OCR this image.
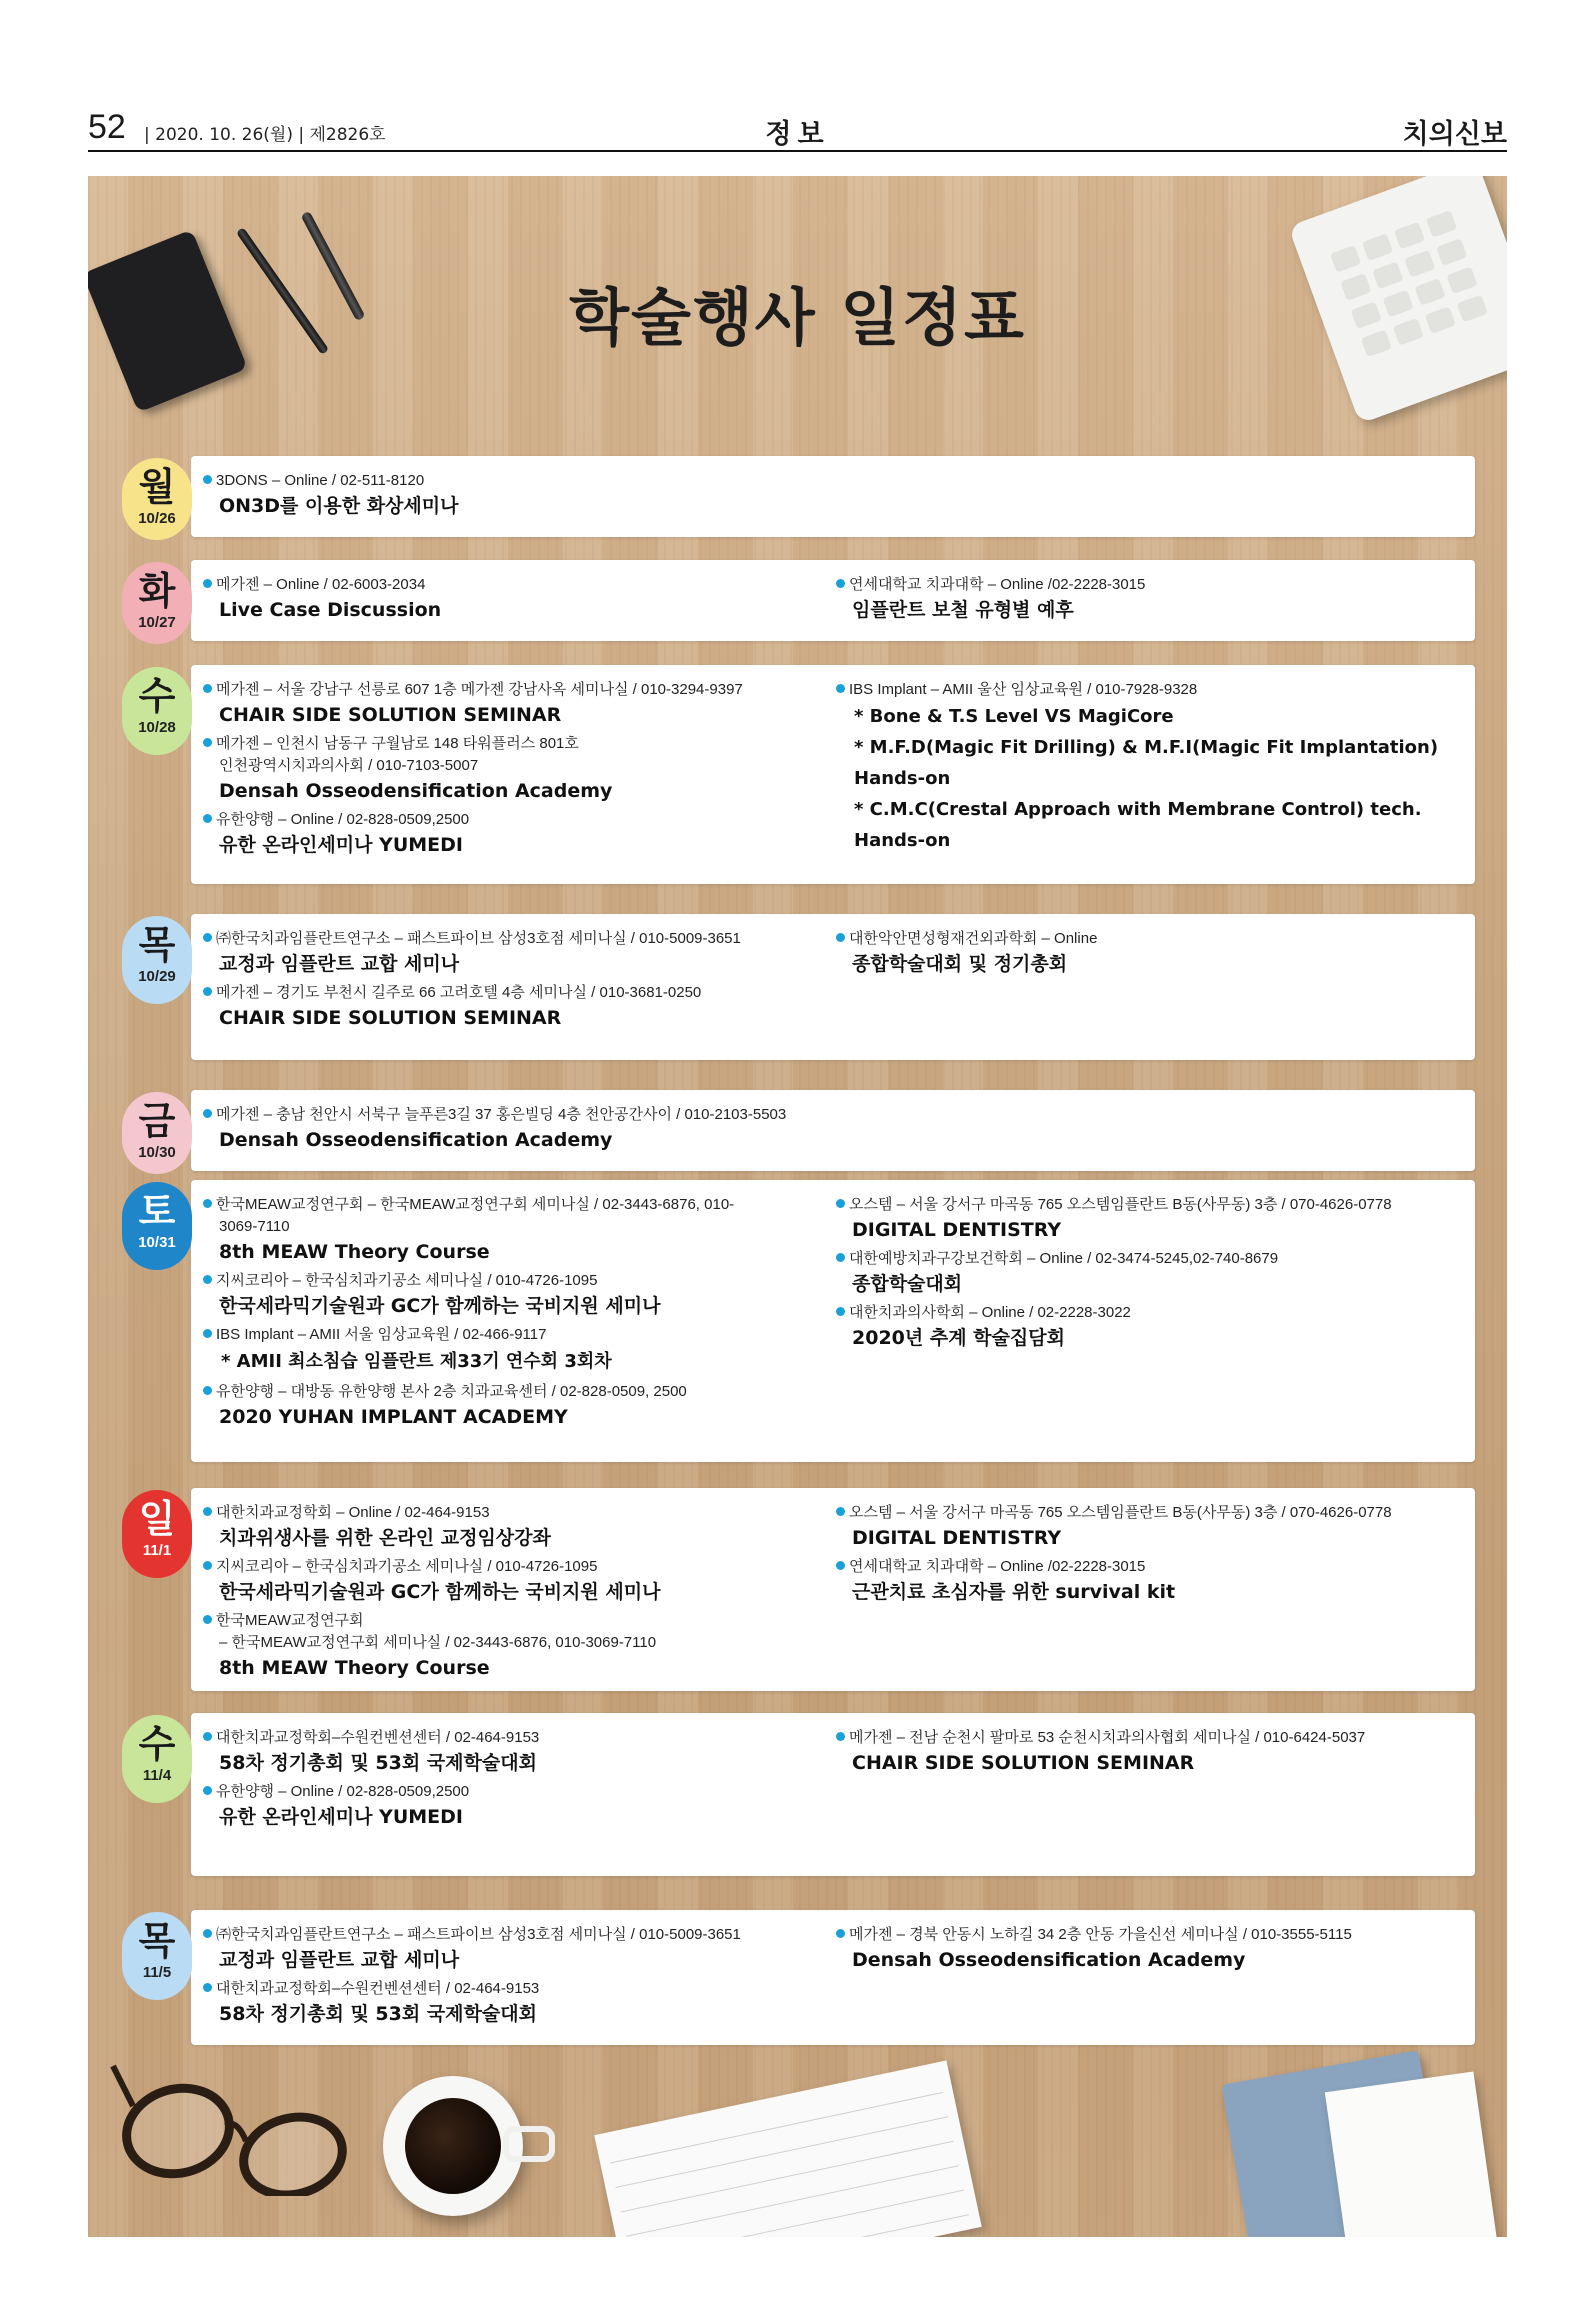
52 | 2020. 10. 26(월) | 제2826호	정보	치의신보
학술행사 일정표
3DONS – Online / 02-511-8120
ON3D를 이용한 화상세미나
월
10/26
메가젠 – Online / 02-6003-2034
Live Case Discussion
연세대학교 치과대학 – Online /02-2228-3015
임플란트 보철 유형별 예후
화
10/27
메가젠 – 서울 강남구 선릉로 607 1층 메가젠 강남사옥 세미나실 / 010-3294-9397
CHAIR SIDE SOLUTION SEMINAR
메가젠 – 인천시 남동구 구월남로 148 타워플러스 801호
인천광역시치과의사회 / 010-7103-5007
Densah Osseodensification Academy
유한양행 – Online / 02-828-0509,2500
유한 온라인세미나 YUMEDI
IBS Implant – AMII 울산 임상교육원 / 010-7928-9328
* Bone & T.S Level VS MagiCore
* M.F.D(Magic Fit Drilling) & M.F.I(Magic Fit Implantation) Hands-on
* C.M.C(Crestal Approach with Membrane Control) tech. Hands-on
수
10/28
㈜한국치과임플란트연구소 – 패스트파이브 삼성3호점 세미나실 / 010-5009-3651
교정과 임플란트 교합 세미나
메가젠 – 경기도 부천시 길주로 66 고려호텔 4층 세미나실 / 010-3681-0250
CHAIR SIDE SOLUTION SEMINAR
대한악안면성형재건외과학회 – Online
종합학술대회 및 정기총회
목
10/29
메가젠 – 충남 천안시 서북구 늘푸른3길 37 홍은빌딩 4층 천안공간사이 / 010-2103-5503
Densah Osseodensification Academy
금
10/30
한국MEAW교정연구회 – 한국MEAW교정연구회 세미나실 / 02-3443-6876, 010-
3069-7110
8th MEAW Theory Course
지씨코리아 – 한국심치과기공소 세미나실 / 010-4726-1095
한국세라믹기술원과 GC가 함께하는 국비지원 세미나
IBS Implant – AMII 서울 임상교육원 / 02-466-9117
* AMII 최소침습 임플란트 제33기 연수회 3회차
유한양행 – 대방동 유한양행 본사 2층 치과교육센터 / 02-828-0509, 2500
2020 YUHAN IMPLANT ACADEMY
오스템 – 서울 강서구 마곡동 765 오스템임플란트 B동(사무동) 3층 / 070-4626-0778
DIGITAL DENTISTRY
대한예방치과구강보건학회 – Online / 02-3474-5245,02-740-8679
종합학술대회
대한치과의사학회 – Online / 02-2228-3022
2020년 추계 학술집담회
토
10/31
대한치과교정학회 – Online / 02-464-9153
치과위생사를 위한 온라인 교정임상강좌
지씨코리아 – 한국심치과기공소 세미나실 / 010-4726-1095
한국세라믹기술원과 GC가 함께하는 국비지원 세미나
한국MEAW교정연구회
– 한국MEAW교정연구회 세미나실 / 02-3443-6876, 010-3069-7110
8th MEAW Theory Course
오스템 – 서울 강서구 마곡동 765 오스템임플란트 B동(사무동) 3층 / 070-4626-0778
DIGITAL DENTISTRY
연세대학교 치과대학 – Online /02-2228-3015
근관치료 초심자를 위한 survival kit
일
11/1
대한치과교정학회–수원컨벤션센터 / 02-464-9153
58차 정기총회 및 53회 국제학술대회
유한양행 – Online / 02-828-0509,2500
유한 온라인세미나 YUMEDI
메가젠 – 전남 순천시 팔마로 53 순천시치과의사협회 세미나실 / 010-6424-5037
CHAIR SIDE SOLUTION SEMINAR
수
11/4
㈜한국치과임플란트연구소 – 패스트파이브 삼성3호점 세미나실 / 010-5009-3651
교정과 임플란트 교합 세미나
대한치과교정학회–수원컨벤션센터 / 02-464-9153
58차 정기총회 및 53회 국제학술대회
메가젠 – 경북 안동시 노하길 34 2층 안동 가을신선 세미나실 / 010-3555-5115
Densah Osseodensification Academy
목
11/5
